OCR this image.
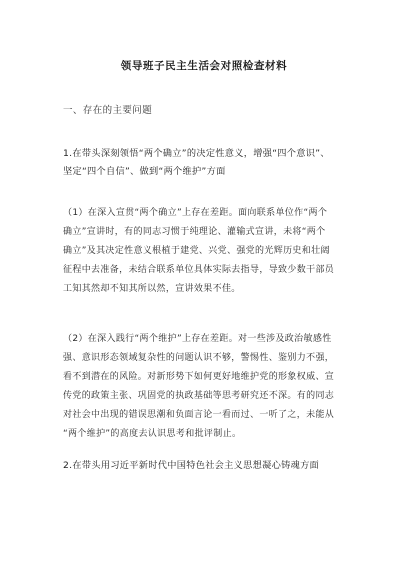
领导班子民主生活会对照检查材料
一、存在的主要问题
1.在带头深刻领悟“两个确立”的决定性意义，增强“四个意识”、
坚定“四个自信”、做到“两个维护”方面
（1）在深入宣贯“两个确立”上存在差距。面向联系单位作“两个
确立”宣讲时，有的同志习惯于纯理论、灌输式宣讲，未将“两个
确立”及其决定性意义根植于建党、兴党、强党的光辉历史和壮阔
征程中去准备，未结合联系单位具体实际去指导，导致少数干部员
工知其然却不知其所以然，宣讲效果不佳。
（2）在深入践行“两个维护”上存在差距。对一些涉及政治敏感性
强、意识形态领域复杂性的问题认识不够，警惕性、鉴别力不强，
看不到潜在的风险。对新形势下如何更好地维护党的形象权威、宣
传党的政策主张、巩固党的执政基础等思考研究还不深。有的同志
对社会中出现的错误思潮和负面言论一看而过、一听了之，未能从
“两个维护”的高度去认识思考和批评制止。
2.在带头用习近平新时代中国特色社会主义思想凝心铸魂方面
